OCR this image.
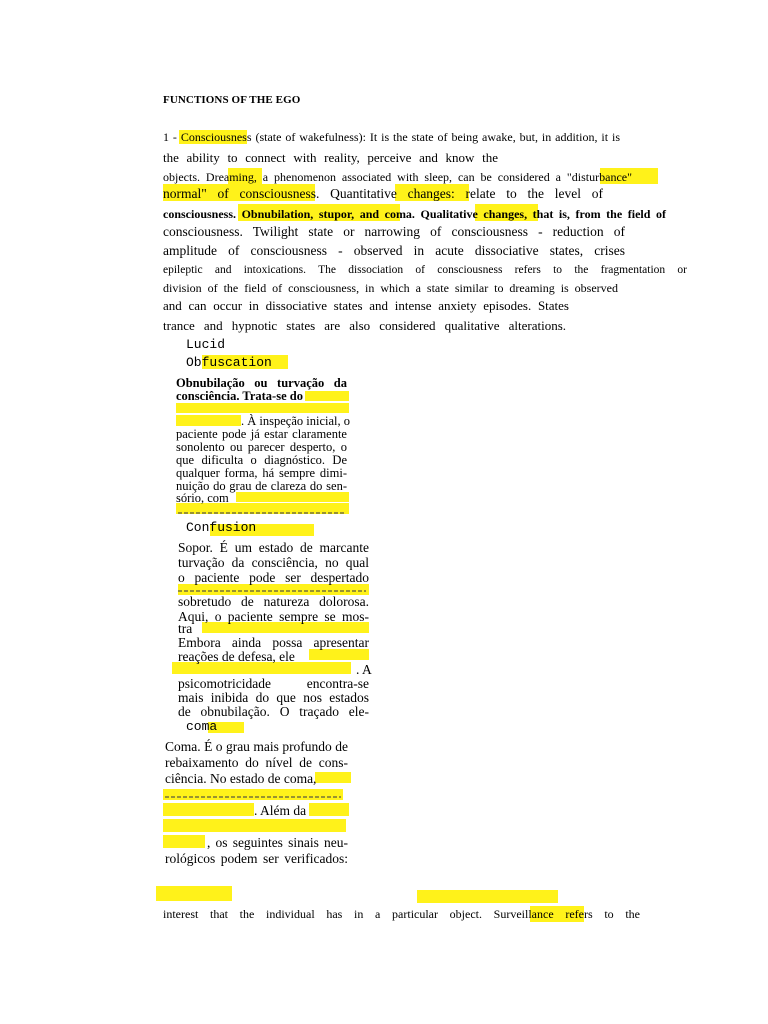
FUNCTIONS OF THE EGO
1 - Consciousness (state of wakefulness): It is the state of being awake, but, in addition, it is
the ability to connect with reality, perceive and know the
objects. Dreaming, a phenomenon associated with sleep, can be considered a "disturbance"
normal" of consciousness. Quantitative changes: relate to the level of
consciousness. Obnubilation, stupor, and coma. Qualitative changes, that is, from the field of
consciousness. Twilight state or narrowing of consciousness - reduction of
amplitude of consciousness - observed in acute dissociative states, crises
epileptic and intoxications. The dissociation of consciousness refers to the fragmentation or
division of the field of consciousness, in which a state similar to dreaming is observed
and can occur in dissociative states and intense anxiety episodes. States
trance and hypnotic states are also considered qualitative alterations.
Lucid
Obfuscation
Confusion
coma
Obnubilação ou turvação da
consciência. Trata-se do
. À inspeção inicial, o
paciente pode já estar claramente
sonolento ou parecer desperto, o
que dificulta o diagnóstico. De
qualquer forma, há sempre dimi-
nuição do grau de clareza do sen-
sório, com
Sopor. É um estado de marcante
turvação da consciência, no qual
o paciente pode ser despertado
sobretudo de natureza dolorosa.
Aqui, o paciente sempre se mos-
tra
Embora ainda possa apresentar
reações de defesa, ele
. A
psicomotricidade encontra-se
mais inibida do que nos estados
de obnubilação. O traçado ele-
Coma. É o grau mais profundo de
rebaixamento do nível de cons-
ciência. No estado de coma,
. Além da
, os seguintes sinais neu-
rológicos podem ser verificados:
interest that the individual has in a particular object. Surveillance refers to the
